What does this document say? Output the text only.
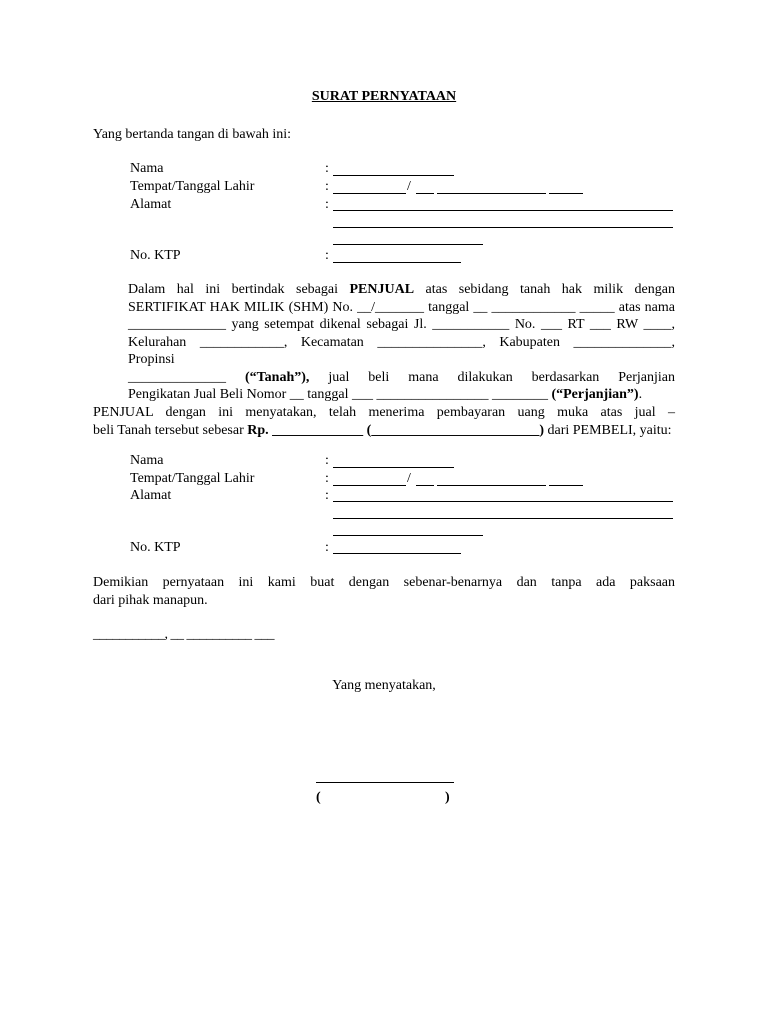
SURAT PERNYATAAN
Yang bertanda tangan di bawah ini:
Nama	:
Tempat/Tanggal Lahir	:	/
Alamat	:
No. KTP	:

Dalam hal ini bertindak sebagai PENJUAL atas sebidang tanah hak milik dengan

SERTIFIKAT HAK MILIK (SHM) No. __/_______ tanggal __ ____________ _____ atas nama

______________ yang setempat dikenal sebagai Jl. ___________ No. ___ RT ___ RW ____,

Kelurahan ____________, Kecamatan _______________, Kabupaten ______________, Propinsi

______________ (“Tanah”), jual beli mana dilakukan berdasarkan Perjanjian

Pengikatan Jual Beli Nomor __ tanggal ___ ________________ ________ (“Perjanjian”).

PENJUAL dengan ini menyatakan, telah menerima pembayaran uang muka atas jual –

beli Tanah tersebut sebesar Rp. _____________ (________________________) dari PEMBELI, yaitu:

Nama	:
Tempat/Tanggal Lahir	:	/
Alamat	:
No. KTP	:

Demikian pernyataan ini kami buat dengan sebenar-benarnya dan tanpa ada paksaan

dari pihak manapun.

___________, __ __________ ___
Yang menyatakan,
(	)
